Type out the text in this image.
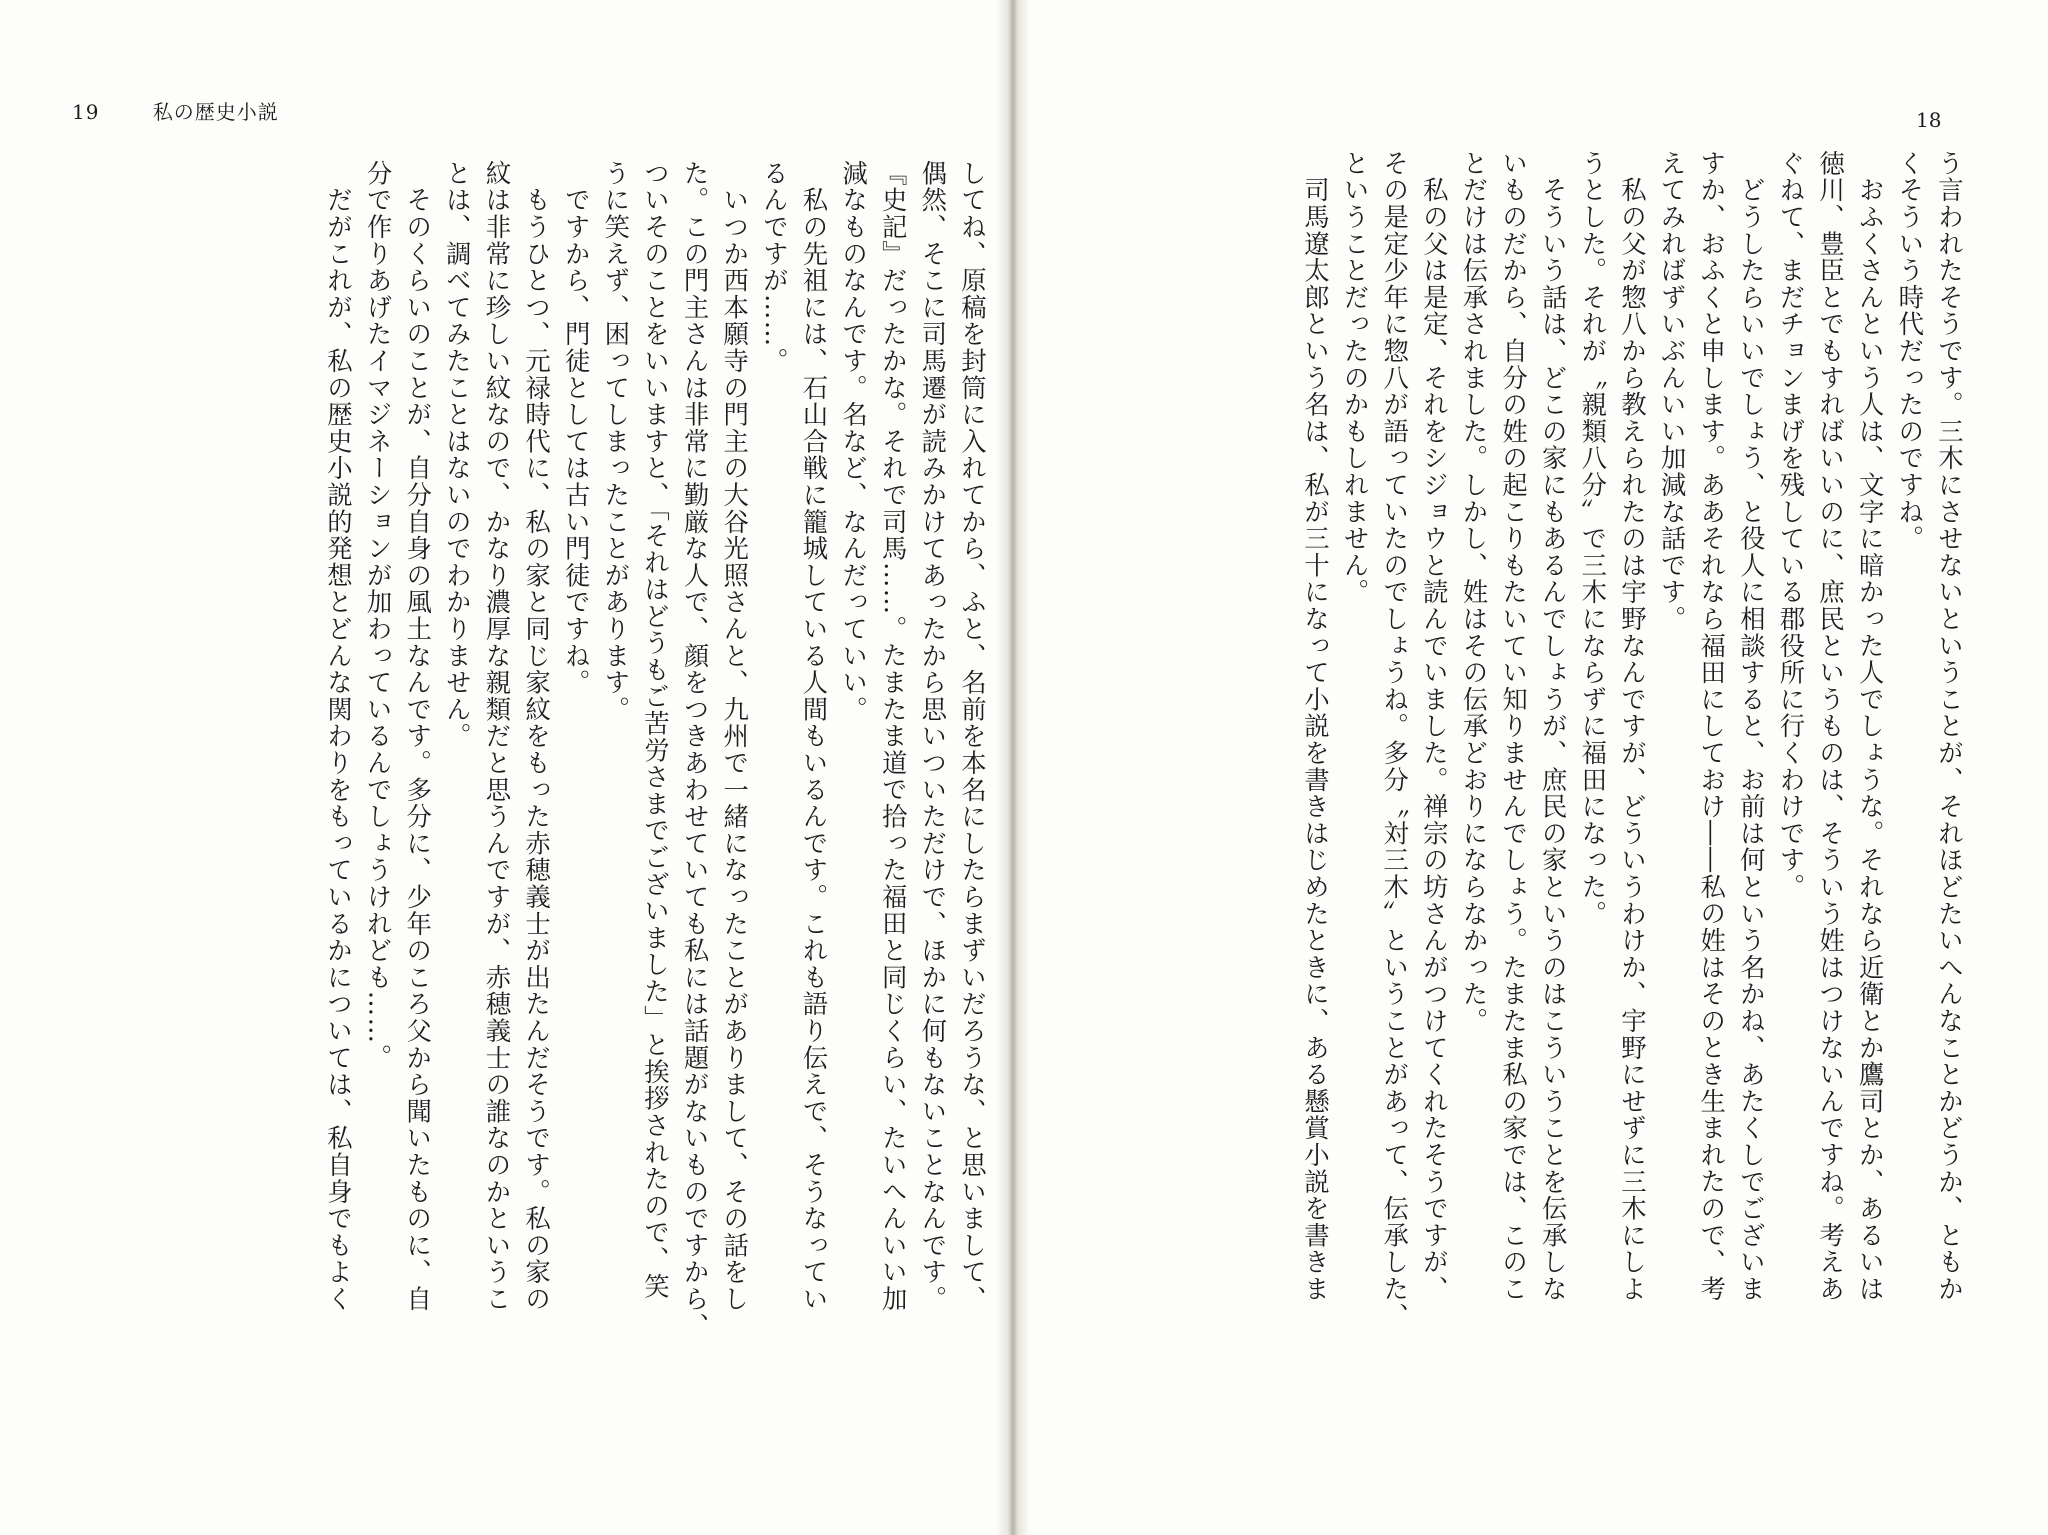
19	私の歴史小説
してね、原稿を封筒に入れてから、ふと、名前を本名にしたらまずいだろうな、と思いまして、
偶然、そこに司馬遷が読みかけてあったから思いついただけで、ほかに何もないことなんです。
『史記』だったかな。それで司馬……。たまたま道で拾った福田と同じくらい、たいへんいい加
減なものなんです。名など、なんだっていい。
　私の先祖には、石山合戦に籠城している人間もいるんです。これも語り伝えで、そうなってい
るんですが……。
　いつか西本願寺の門主の大谷光照さんと、九州で一緒になったことがありまして、その話をし
た。この門主さんは非常に勤厳な人で、顔をつきあわせていても私には話題がないものですから、
ついそのことをいいますと、「それはどうもご苦労さまでございました」と挨拶されたので、笑
うに笑えず、困ってしまったことがあります。
　ですから、門徒としては古い門徒ですね。
　もうひとつ、元禄時代に、私の家と同じ家紋をもった赤穂義士が出たんだそうです。私の家の
紋は非常に珍しい紋なので、かなり濃厚な親類だと思うんですが、赤穂義士の誰なのかというこ
とは、調べてみたことはないのでわかりません。
　そのくらいのことが、自分自身の風土なんです。多分に、少年のころ父から聞いたものに、自
分で作りあげたイマジネーションが加わっているんでしょうけれども……。
　だがこれが、私の歴史小説的発想とどんな関わりをもっているかについては、私自身でもよく
18
う言われたそうです。三木にさせないということが、それほどたいへんなことかどうか、ともか
くそういう時代だったのですね。
　おふくさんという人は、文字に暗かった人でしょうな。それなら近衛とか鷹司とか、あるいは
徳川、豊臣とでもすればいいのに、庶民というものは、そういう姓はつけないんですね。考えあ
ぐねて、まだチョンまげを残している郡役所に行くわけです。
　どうしたらいいでしょう、と役人に相談すると、お前は何という名かね、あたくしでございま
すか、おふくと申します。ああそれなら福田にしておけ――私の姓はそのとき生まれたので、考
えてみればずいぶんいい加減な話です。
　私の父が惣八から教えられたのは宇野なんですが、どういうわけか、宇野にせずに三木にしよ
うとした。それが〝親類八分〟で三木にならずに福田になった。
　そういう話は、どこの家にもあるんでしょうが、庶民の家というのはこういうことを伝承しな
いものだから、自分の姓の起こりもたいてい知りませんでしょう。たまたま私の家では、このこ
とだけは伝承されました。しかし、姓はその伝承どおりにならなかった。
　私の父は是定、それをシジョウと読んでいました。禅宗の坊さんがつけてくれたそうですが、
その是定少年に惣八が語っていたのでしょうね。多分〝対三木〟ということがあって、伝承した、
ということだったのかもしれません。
　司馬遼太郎という名は、私が三十になって小説を書きはじめたときに、ある懸賞小説を書きま
